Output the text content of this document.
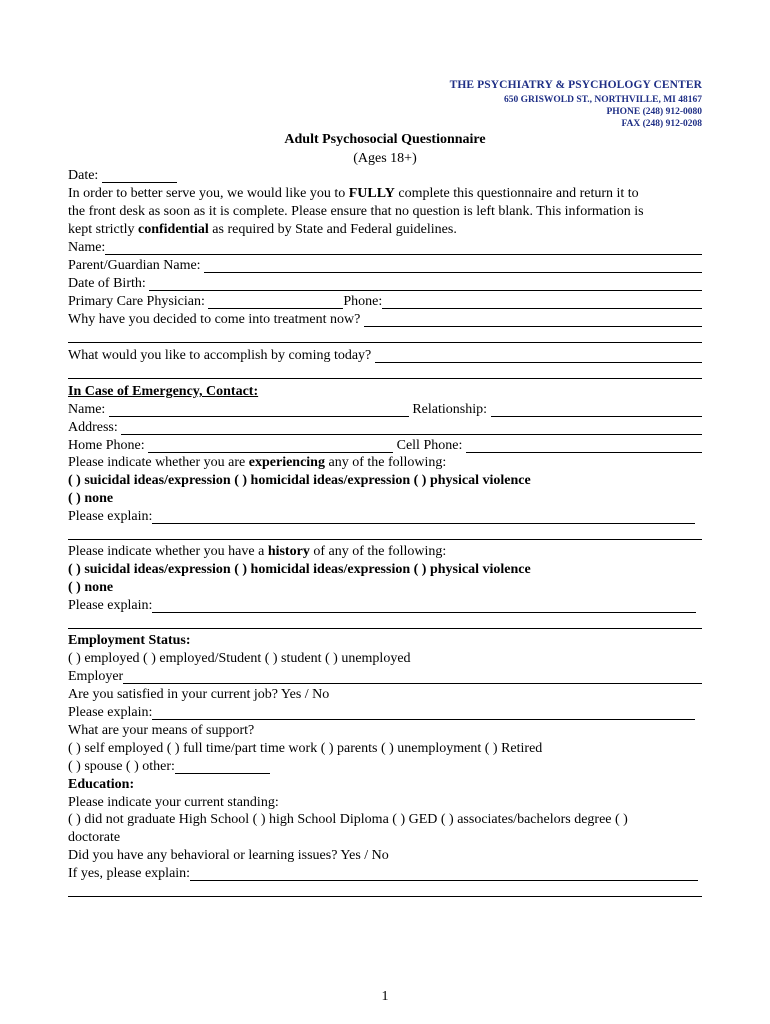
THE PSYCHIATRY & PSYCHOLOGY CENTER
650 GRISWOLD ST., NORTHVILLE, MI 48167
PHONE (248) 912-0080
FAX (248) 912-0208
Adult Psychosocial Questionnaire
(Ages 18+)
Date:
In order to better serve you, we would like you to FULLY complete this questionnaire and return it to
the front desk as soon as it is complete. Please ensure that no question is left blank. This information is
kept strictly confidential as required by State and Federal guidelines.
Name:
Parent/Guardian Name:
Date of Birth:
Primary Care Physician:	Phone:
Why have you decided to come into treatment now?
What would you like to accomplish by coming today?
In Case of Emergency, Contact:
Name:	Relationship:
Address:
Home Phone:	Cell Phone:
Please indicate whether you are experiencing any of the following:
( ) suicidal ideas/expression ( ) homicidal ideas/expression ( ) physical violence
( ) none
Please explain:
Please indicate whether you have a history of any of the following:
( ) suicidal ideas/expression ( ) homicidal ideas/expression ( ) physical violence
( ) none
Please explain:
Employment Status:
( ) employed ( ) employed/Student ( ) student ( ) unemployed
Employer
Are you satisfied in your current job? Yes / No
Please explain:
What are your means of support?
( ) self employed ( ) full time/part time work ( ) parents ( ) unemployment ( ) Retired
( ) spouse ( ) other:
Education:
Please indicate your current standing:
( ) did not graduate High School ( ) high School Diploma ( ) GED ( ) associates/bachelors degree ( )
doctorate
Did you have any behavioral or learning issues? Yes / No
If yes, please explain:
1
